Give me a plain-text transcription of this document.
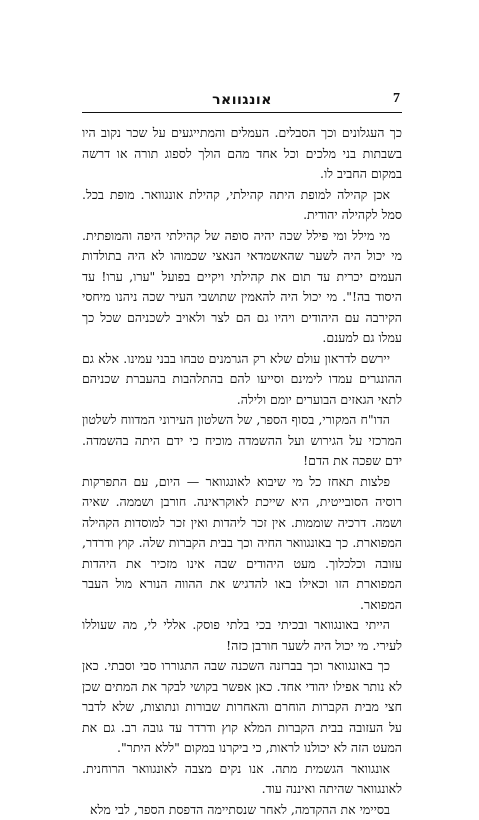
7
אונגוואר

כך העגלונים וכך הסבלים. העמלים והמתייגעים על שכר נקוב היו בשבתות בני מלכים וכל אחד מהם הולך לספוג תורה או דרשה במקום החביב לו.

אכן קהילה למופת היתה קהילתי, קהילת אונגוואר. מופת בכל. סמל לקהילה יהודית.

מי מילל ומי פילל שכה יהיה סופה של קהילתי היפה והמופתית. מי יכול היה לשער שהאשמדאי הנאצי שכמוהו לא היה בתולדות העמים יכרית עד תום את קהילתי ויקיים בפועל "ערו, ערו! עד היסוד בה!". מי יכול היה להאמין שתושבי העיר שכה ניהנו מיחסי הקירבה עם היהודים ויהיו גם הם לצר ולאויב לשכניהם שכל כך עמלו גם למענם.

יירשם לדראון עולם שלא רק הגרמנים טבחו בבני עמינו. אלא גם ההונגרים עמדו לימינם וסייעו להם בהתלהבות בהעברת שכניהם לתאי הגאזים הבוערים יומם ולילה.

הדו"ח המקורי, בסוף הספר, של השלטון העירוני המדווח לשלטון המרכזי על הגירוש ועל ההשמדה מוכיח כי ידם היתה בהשמדה. ידם שפכה את הדם!

פלצות תאחז כל מי שיבוא לאונגוואר — היום, עם התפרקות רוסיה הסובייטית, היא שייכת לאוקראינה. חורבן ושממה. שאיה ושמה. דרכיה שוממות. אין זכר ליהדות ואין זכר למוסדות הקהילה המפוארת. כך באונגוואר החיה וכך בבית הקברות שלה. קוץ ודרדר, עזובה וכלכלוך. מעט היהודים שבה אינו מזכיר את היהדות המפוארת הזו וכאילו באו להדגיש את ההווה הנורא מול העבר המפואר.

הייתי באונגוואר ובכיתי בכי בלתי פוסק. אללי לי, מה שעוללו לעירי. מי יכול היה לשער חורבן כזה!

כך באונגוואר וכך בברזנה השכנה שבה התגוררו סבי וסבתי. כאן לא נותר אפילו יהודי אחד. כאן אפשר בקושי לבקר את המתים שכן חצי מבית הקברות הוחרם והאחרות שבורות ונתוצות, שלא לדבר על העזובה בבית הקברות המלא קוץ ודרדר עד גובה רב. גם את המעט הזה לא יכולנו לראות, כי ביקרנו במקום "ללא היתר".

אונגוואר הגשמית מתה. אנו נקים מצבה לאונגוואר הרוחנית. לאונגוואר שהיתה ואיננה עוד.

בסיימי את ההקדמה, לאחר שנסתיימה הדפסת הספר, לבי מלא
